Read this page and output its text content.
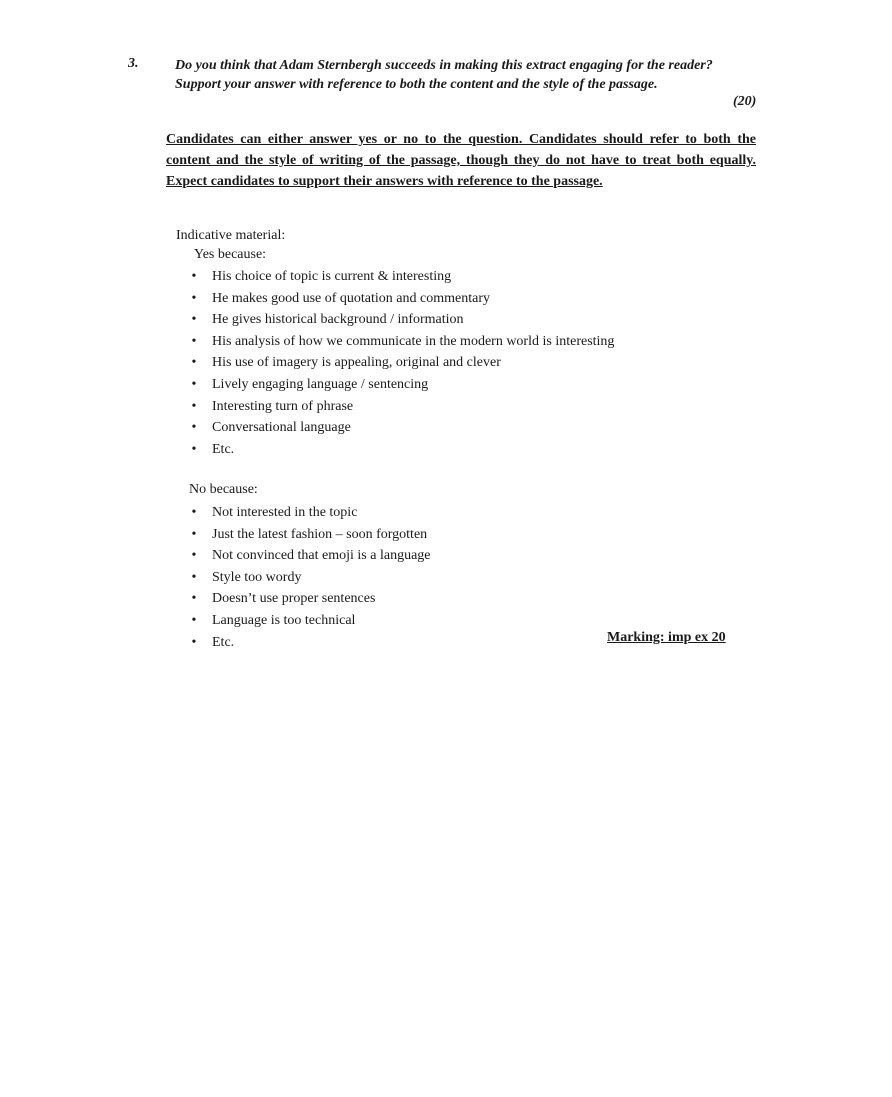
3.	Do you think that Adam Sternbergh succeeds in making this extract engaging for the reader? Support your answer with reference to both the content and the style of the passage.
(20)
Candidates can either answer yes or no to the question. Candidates should refer to both the content and the style of writing of the passage, though they do not have to treat both equally. Expect candidates to support their answers with reference to the passage.
Indicative material:
Yes because:
• His choice of topic is current & interesting
• He makes good use of quotation and commentary
• He gives historical background / information
• His analysis of how we communicate in the modern world is interesting
• His use of imagery is appealing, original and clever
• Lively engaging language / sentencing
• Interesting turn of phrase
• Conversational language
• Etc.
No because:
• Not interested in the topic
• Just the latest fashion – soon forgotten
• Not convinced that emoji is a language
• Style too wordy
• Doesn’t use proper sentences
• Language is too technical
• Etc.	Marking: imp ex 20
